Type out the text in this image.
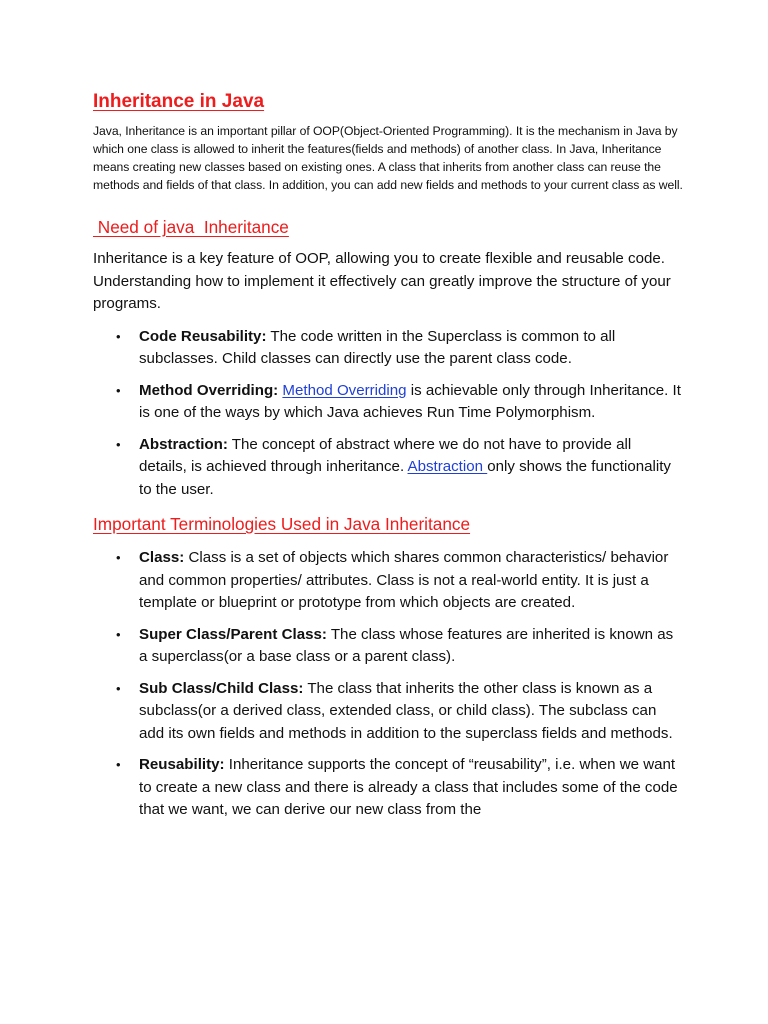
Inheritance in Java

Java, Inheritance is an important pillar of OOP(Object-Oriented Programming). It is the mechanism in Java by which one class is allowed to inherit the features(fields and methods) of another class. In Java, Inheritance means creating new classes based on existing ones. A class that inherits from another class can reuse the methods and fields of that class. In addition, you can add new fields and methods to your current class as well.

Need of java  Inheritance

Inheritance is a key feature of OOP, allowing you to create flexible and reusable code. Understanding how to implement it effectively can greatly improve the structure of your programs.

• Code Reusability: The code written in the Superclass is common to all subclasses. Child classes can directly use the parent class code.
• Method Overriding: Method Overriding is achievable only through Inheritance. It is one of the ways by which Java achieves Run Time Polymorphism.
• Abstraction: The concept of abstract where we do not have to provide all details, is achieved through inheritance. Abstraction only shows the functionality to the user.
Important Terminologies Used in Java Inheritance
• Class: Class is a set of objects which shares common characteristics/ behavior and common properties/ attributes. Class is not a real-world entity. It is just a template or blueprint or prototype from which objects are created.
• Super Class/Parent Class: The class whose features are inherited is known as a superclass(or a base class or a parent class).
• Sub Class/Child Class: The class that inherits the other class is known as a subclass(or a derived class, extended class, or child class). The subclass can add its own fields and methods in addition to the superclass fields and methods.
• Reusability: Inheritance supports the concept of “reusability”, i.e. when we want to create a new class and there is already a class that includes some of the code that we want, we can derive our new class from the
